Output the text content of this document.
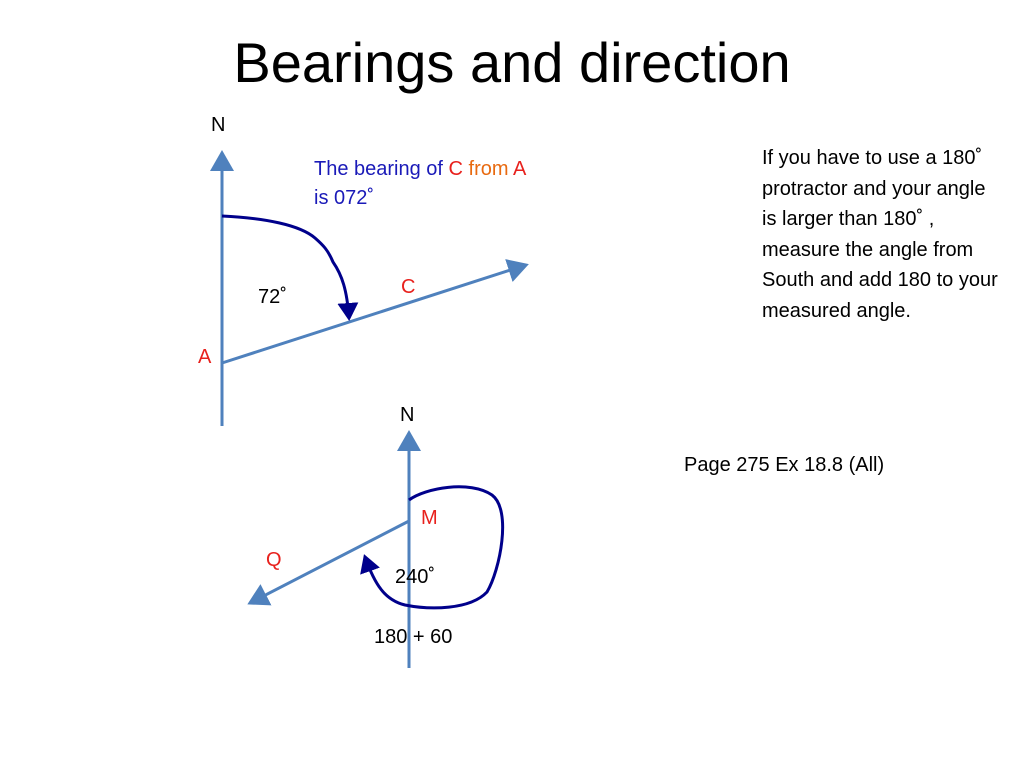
Bearings and direction
N
A
C
72˚
The bearing of C from A
is 072˚
N
M
Q
240˚
180 + 60
If you have to use a 180˚ protractor and your angle is larger than 180˚ , measure the angle from South and add 180 to your measured angle.
Page 275 Ex 18.8 (All)
